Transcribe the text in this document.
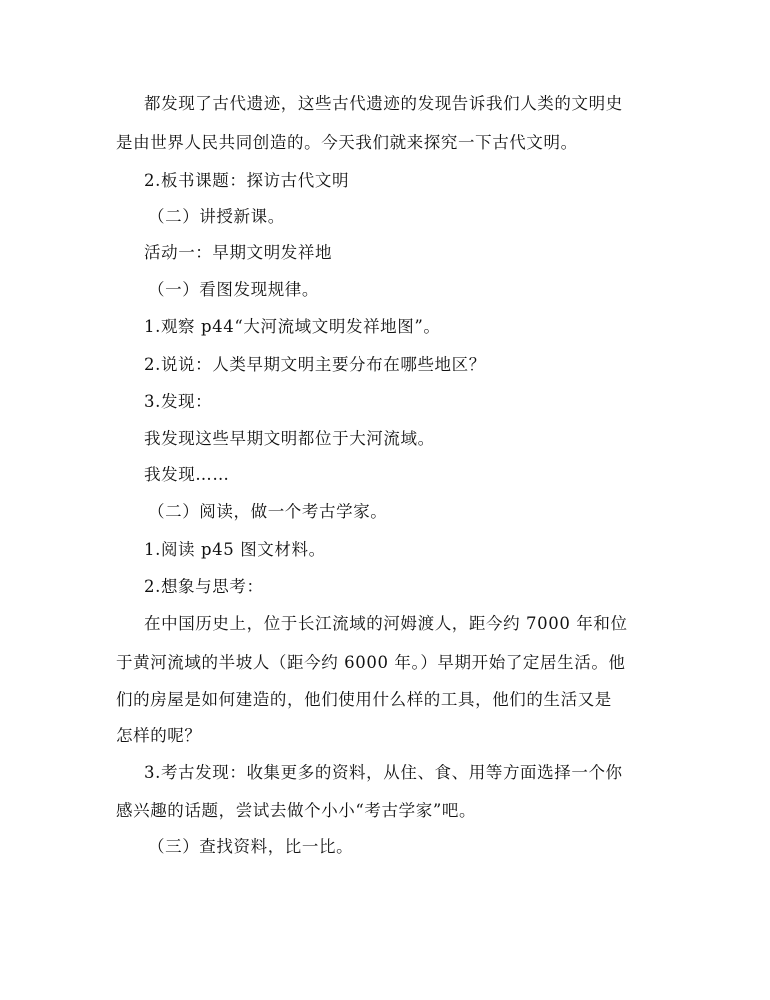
都发现了古代遗迹，这些古代遗迹的发现告诉我们人类的文明史
是由世界人民共同创造的。今天我们就来探究一下古代文明。
2.板书课题：探访古代文明
（二）讲授新课。
活动一：早期文明发祥地
（一）看图发现规律。
1.观察 p44“大河流域文明发祥地图”。
2.说说：人类早期文明主要分布在哪些地区？
3.发现：
我发现这些早期文明都位于大河流域。
我发现……
（二）阅读，做一个考古学家。
1.阅读 p45 图文材料。
2.想象与思考：
在中国历史上，位于长江流域的河姆渡人，距今约 7000 年和位
于黄河流域的半坡人（距今约 6000 年。）早期开始了定居生活。他
们的房屋是如何建造的，他们使用什么样的工具，他们的生活又是
怎样的呢？
3.考古发现：收集更多的资料，从住、食、用等方面选择一个你
感兴趣的话题，尝试去做个小小“考古学家”吧。
（三）查找资料，比一比。
